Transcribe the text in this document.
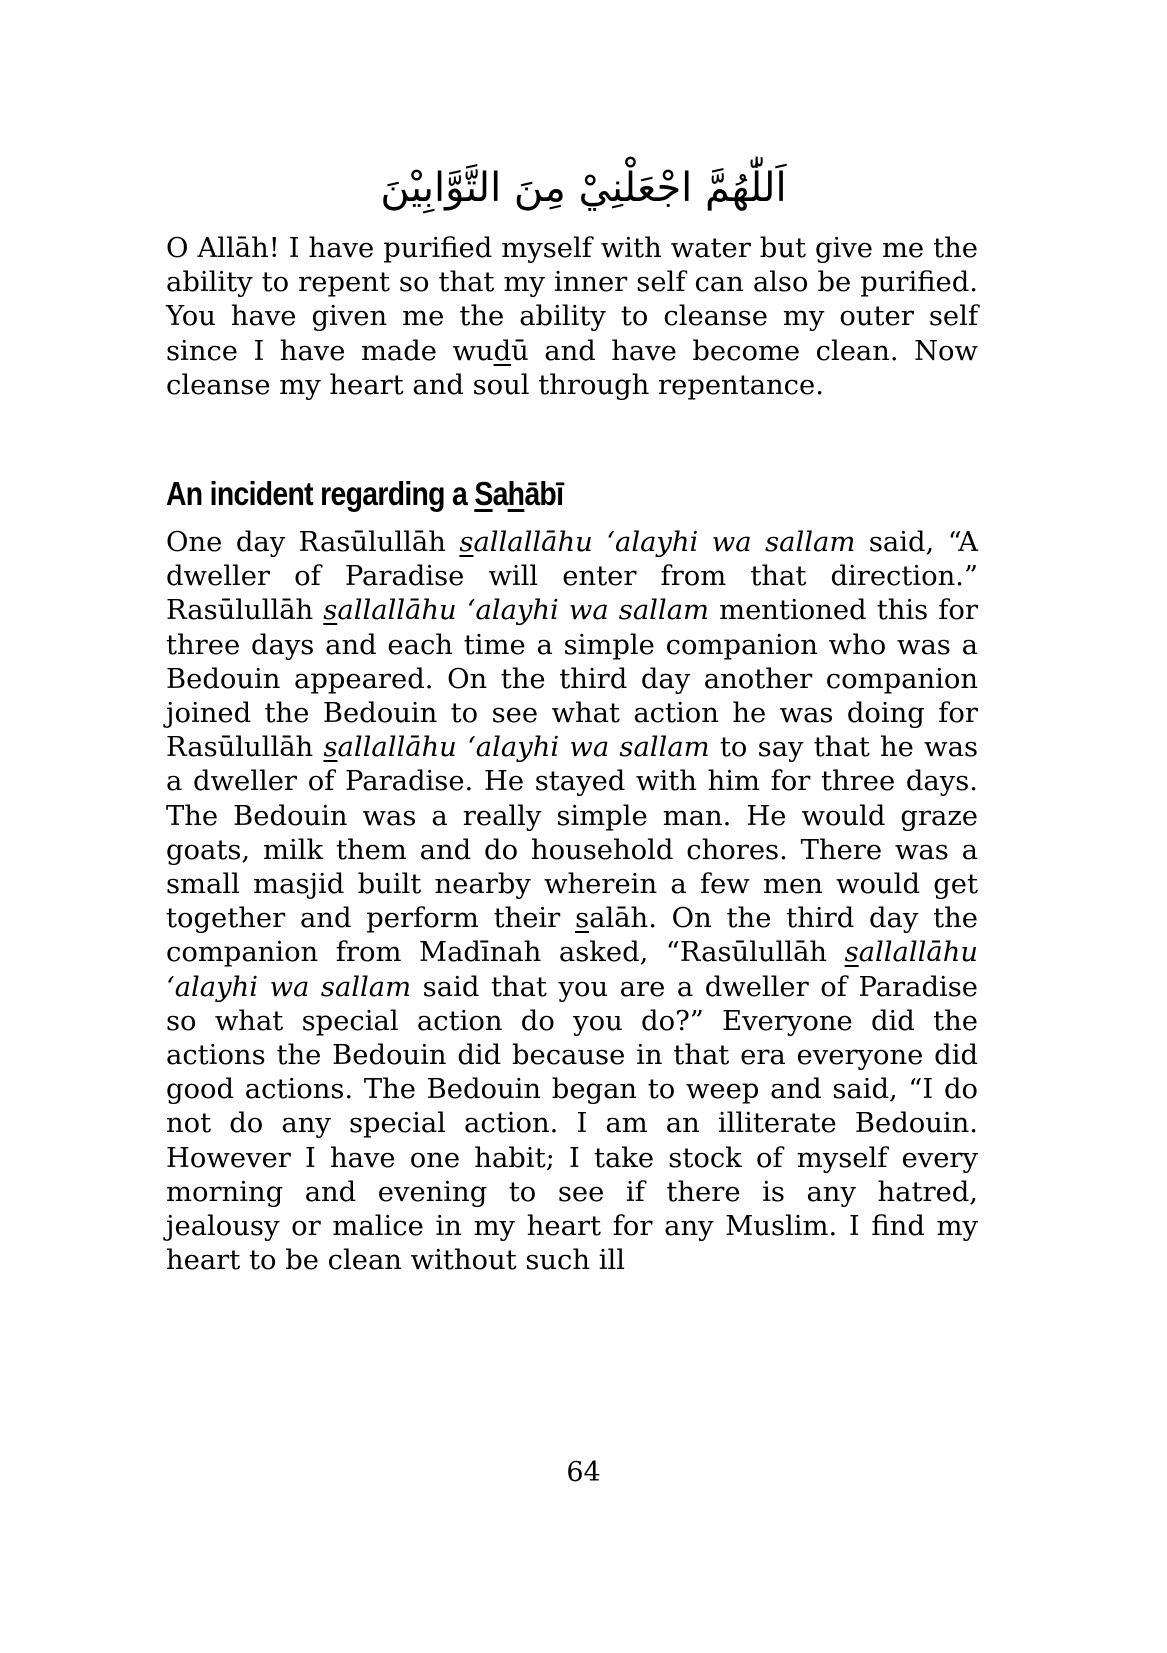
اَللّٰهُمَّ اجْعَلْنِيْ مِنَ التَّوَّابِيْنَ

O Allāh! I have purified myself with water but give me the ability to repent so that my inner self can also be purified. You have given me the ability to cleanse my outer self since I have made wudū and have become clean. Now cleanse my heart and soul through repentance.

An incident regarding a Sahābī

One day Rasūlullāh sallallāhu ‘alayhi wa sallam said, “A dweller of Paradise will enter from that direction.” Rasūlullāh sallallāhu ‘alayhi wa sallam mentioned this for three days and each time a simple companion who was a Bedouin appeared. On the third day another companion joined the Bedouin to see what action he was doing for Rasūlullāh sallallāhu ‘alayhi wa sallam to say that he was a dweller of Paradise. He stayed with him for three days. The Bedouin was a really simple man. He would graze goats, milk them and do household chores. There was a small masjid built nearby wherein a few men would get together and perform their salāh. On the third day the companion from Madīnah asked, “Rasūlullāh sallallāhu ‘alayhi wa sallam said that you are a dweller of Paradise so what special action do you do?” Everyone did the actions the Bedouin did because in that era everyone did good actions. The Bedouin began to weep and said, “I do not do any special action. I am an illiterate Bedouin. However I have one habit; I take stock of myself every morning and evening to see if there is any hatred, jealousy or malice in my heart for any Muslim. I find my heart to be clean without such ill

64
